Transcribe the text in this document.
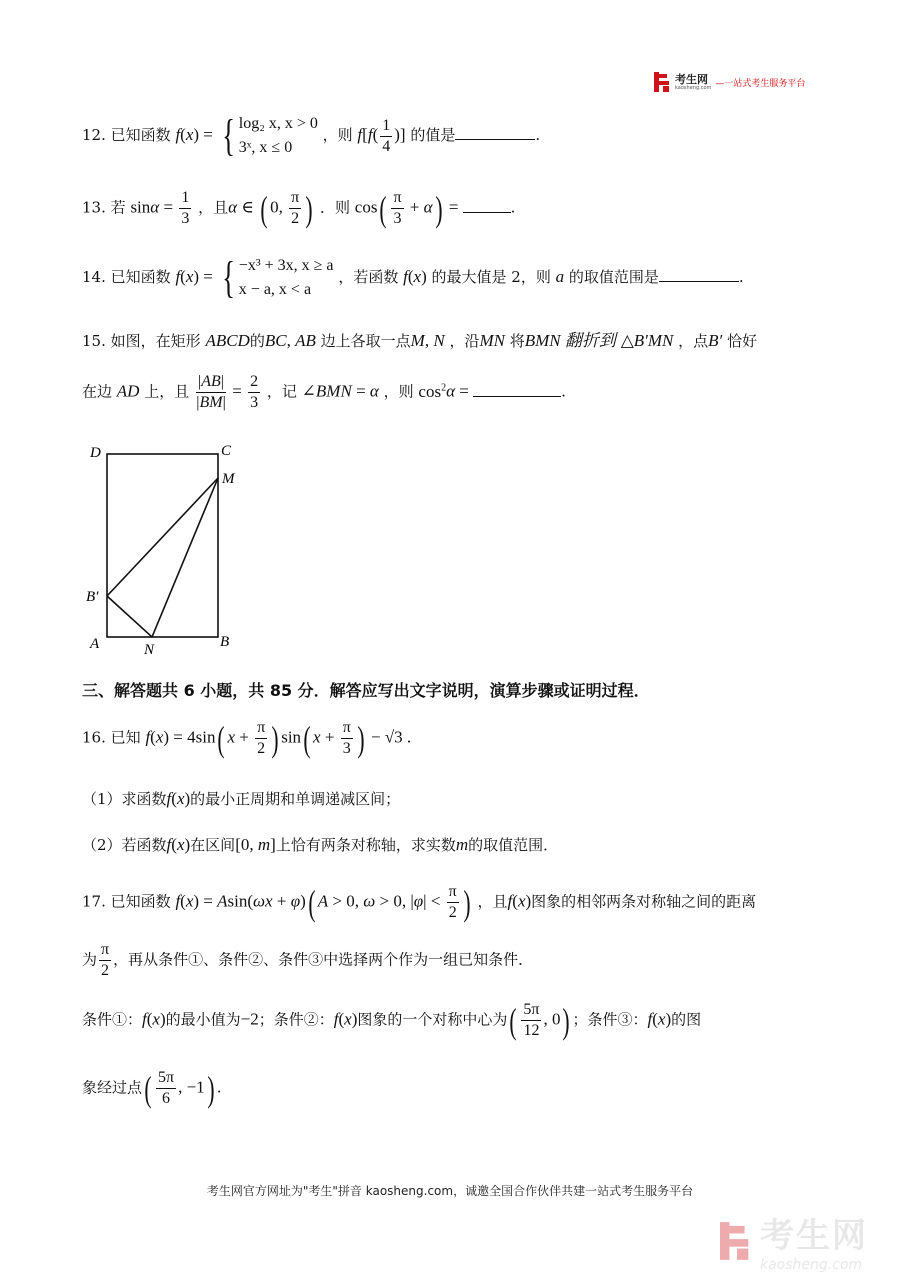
考生网
kaosheng.com —一站式考生服务平台
12. 已知函数 f(x) = { log₂ x, x > 0
3ˣ, x ≤ 0
，则 $f[f( \frac{1}{4}$ )] 的值是	.
13. 若 $\sin\alpha = \frac{1}{3}$ ，且α ∈ ( 0, $\frac{\pi}{2}$ ) ．则 $\cos( \frac{\pi}{3} + \alpha)$ =	.
14. 已知函数 f(x) = { −x³ + 3x, x ≥ a
x − a, x < a
，若函数 f(x) 的最大值是 2，则 a 的取值范围是	.
15. 如图，在矩形 ABCD的BC, AB 边上各取一点M, N ，沿MN 将BMN 翻折到 △B′MN ，点B′ 恰好
在边 AD 上，且 $\frac{|AB|}{|BM|} = \frac{2}{3}$ ，记 ∠BMN = α ，则 $\cos^2\alpha$ =	.
D	C
M
B′
A	N	B
三、解答题共 6 小题，共 85 分．解答应写出文字说明，演算步骤或证明过程．
16. 已知 f(x) = 4sin( $x + \frac{\pi}{2}$ ) sin( $x + \frac{\pi}{3}$ ) − √3 .
（1）求函数f(x)的最小正周期和单调递减区间；
（2）若函数f(x)在区间[0, m]上恰有两条对称轴，求实数m的取值范围．
17. 已知函数 f(x) = Asin(ωx + φ)( A > 0, ω > 0, $|\varphi| < \frac{\pi}{2}$ ) ，且f(x)图象的相邻两条对称轴之间的距离
为 $\frac{\pi}{2}$ ，再从条件①、条件②、条件③中选择两个作为一组已知条件．
条件①：f(x)的最小值为−2；条件②：f(x)图象的一个对称中心为( $\frac{5\pi}{12}$ , 0) ；条件③：f(x)的图
象经过点( $\frac{5\pi}{6}$ , −1) .
考生网官方网址为"考生"拼音 kaosheng.com，诚邀全国合作伙伴共建一站式考生服务平台
考生网
kaosheng.com
